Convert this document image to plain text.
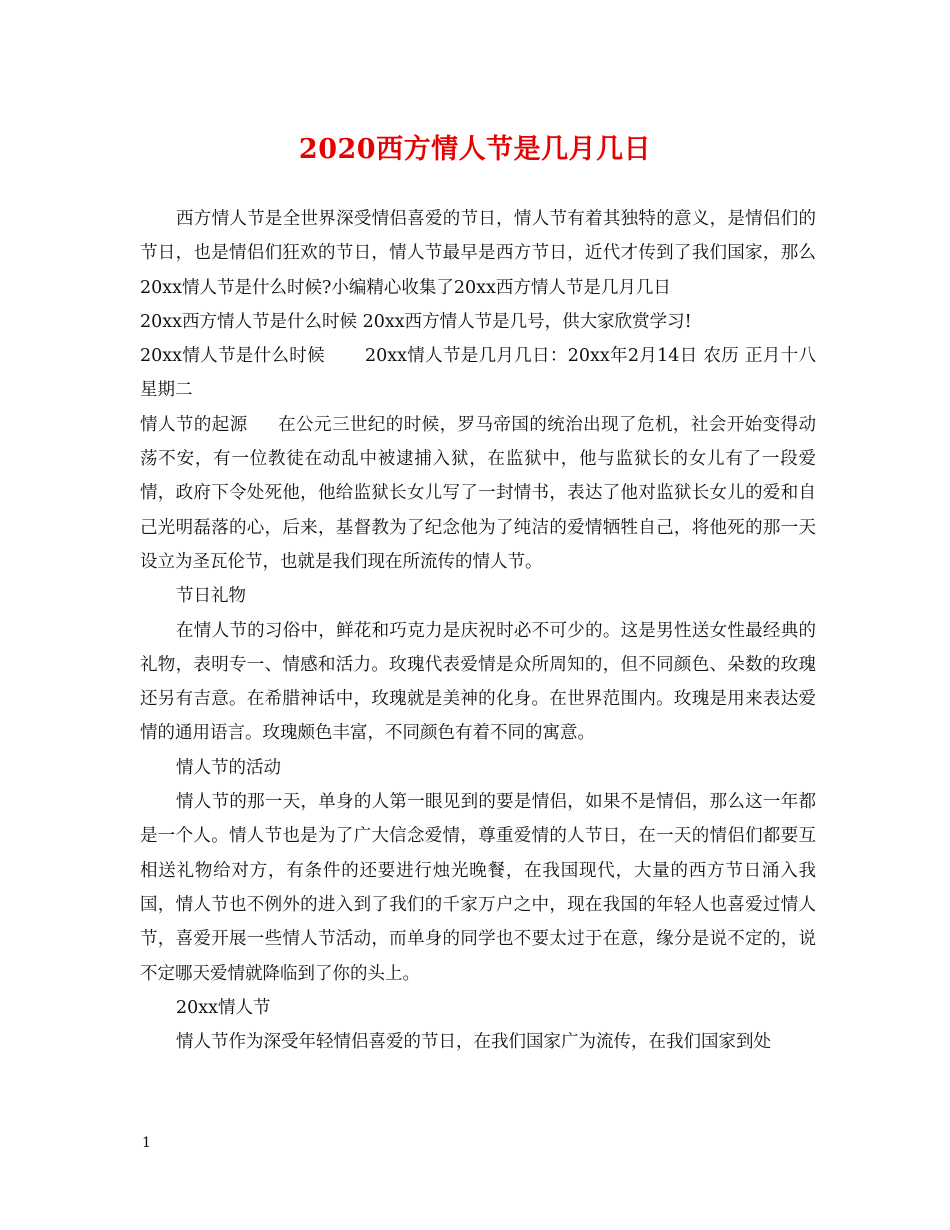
2020西方情人节是几月几日

西方情人节是全世界深受情侣喜爱的节日，情人节有着其独特的意义，是情侣们的节日，也是情侣们狂欢的节日，情人节最早是西方节日，近代才传到了我们国家，那么20xx情人节是什么时候?小编精心收集了20xx西方情人节是几月几日

20xx西方情人节是什么时候 20xx西方情人节是几号，供大家欣赏学习!

20xx情人节是什么时候 20xx情人节是几月几日：20xx年2月14日 农历 正月十八 星期二

情人节的起源 在公元三世纪的时候，罗马帝国的统治出现了危机，社会开始变得动荡不安，有一位教徒在动乱中被逮捕入狱，在监狱中，他与监狱长的女儿有了一段爱情，政府下令处死他，他给监狱长女儿写了一封情书，表达了他对监狱长女儿的爱和自己光明磊落的心，后来，基督教为了纪念他为了纯洁的爱情牺牲自己，将他死的那一天设立为圣瓦伦节，也就是我们现在所流传的情人节。

节日礼物

在情人节的习俗中，鲜花和巧克力是庆祝时必不可少的。这是男性送女性最经典的礼物，表明专一、情感和活力。玫瑰代表爱情是众所周知的，但不同颜色、朵数的玫瑰还另有吉意。在希腊神话中，玫瑰就是美神的化身。在世界范围内。玫瑰是用来表达爱情的通用语言。玫瑰颇色丰富，不同颜色有着不同的寓意。

情人节的活动

情人节的那一天，单身的人第一眼见到的要是情侣，如果不是情侣，那么这一年都是一个人。情人节也是为了广大信念爱情，尊重爱情的人节日，在一天的情侣们都要互相送礼物给对方，有条件的还要进行烛光晚餐，在我国现代，大量的西方节日涌入我国，情人节也不例外的进入到了我们的千家万户之中，现在我国的年轻人也喜爱过情人节，喜爱开展一些情人节活动，而单身的同学也不要太过于在意，缘分是说不定的，说不定哪天爱情就降临到了你的头上。

20xx情人节

情人节作为深受年轻情侣喜爱的节日，在我们国家广为流传，在我们国家到处

1
